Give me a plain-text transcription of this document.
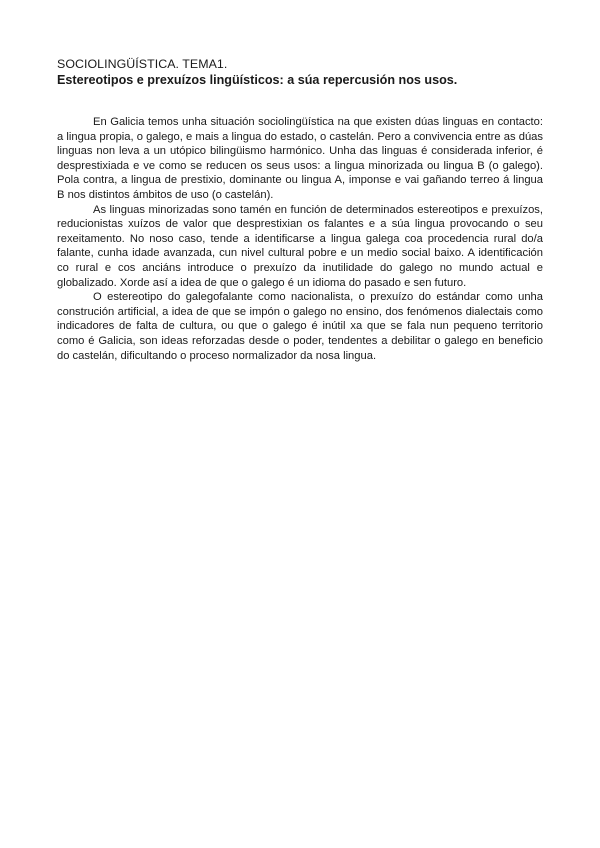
SOCIOLINGÜÍSTICA. TEMA1.

Estereotipos e prexuízos lingüísticos: a súa repercusión nos usos.

En Galicia temos unha situación sociolingüística na que existen dúas linguas en contacto: a lingua propia, o galego, e mais a lingua do estado, o castelán. Pero a convivencia entre as dúas linguas non leva a un utópico bilingüismo harmónico. Unha das linguas é considerada inferior, é desprestixiada e ve como se reducen os seus usos: a lingua minorizada ou lingua B (o galego). Pola contra, a lingua de prestixio, dominante ou lingua A, imponse e vai gañando terreo á lingua B nos distintos ámbitos de uso (o castelán).

As linguas minorizadas sono tamén en función de determinados estereotipos e prexuízos, reducionistas xuízos de valor que desprestixian os falantes e a súa lingua provocando o seu rexeitamento. No noso caso, tende a identificarse a lingua galega coa procedencia rural do/a falante, cunha idade avanzada, cun nivel cultural pobre e un medio social baixo. A identificación co rural e cos anciáns introduce o prexuízo da inutilidade do galego no mundo actual e globalizado. Xorde así a idea de que o galego é un idioma do pasado e sen futuro.

O estereotipo do galegofalante como nacionalista, o prexuízo do estándar como unha construción artificial, a idea de que se impón o galego no ensino, dos fenómenos dialectais como indicadores de falta de cultura, ou que o galego é inútil xa que se fala nun pequeno territorio como é Galicia, son ideas reforzadas desde o poder, tendentes a debilitar o galego en beneficio do castelán, dificultando o proceso normalizador da nosa lingua.
